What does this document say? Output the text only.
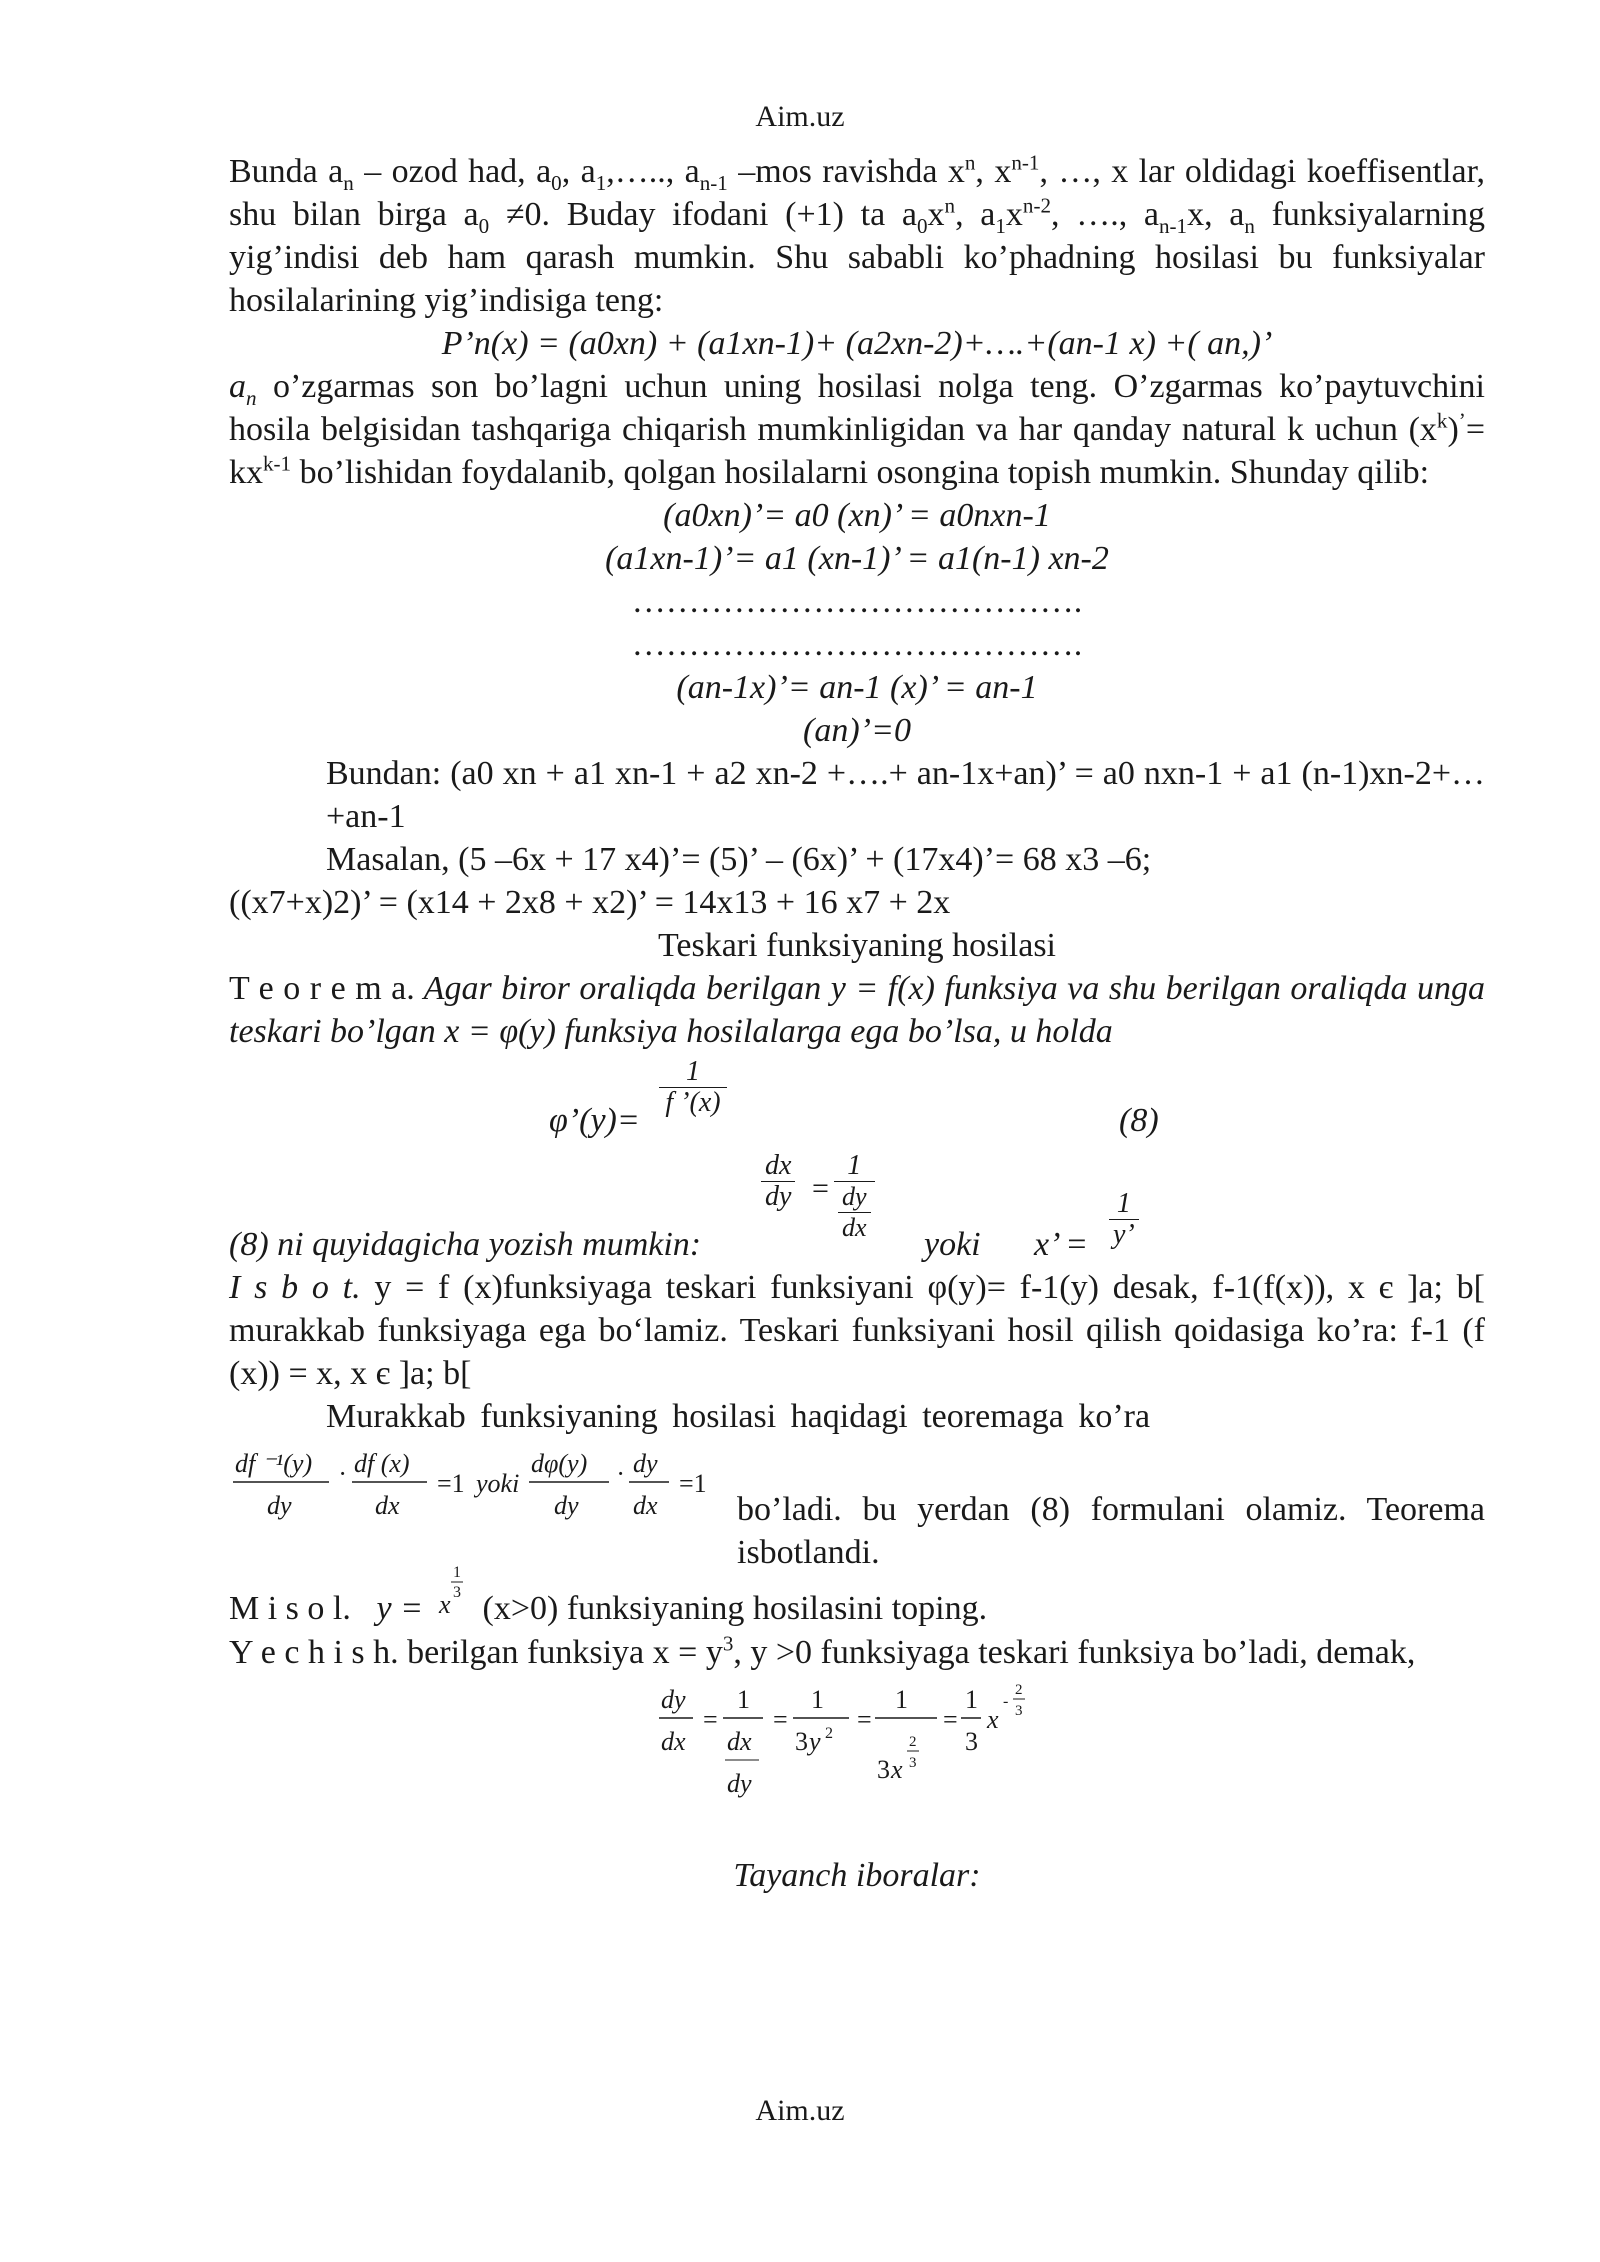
Aim.uz

Bunda $a_n$ – ozod had, $a_0$, $a_1,\dots$.., $a_{n-1}$ –mos ravishda $x^n$, $x^{n-1}$, …, x lar oldidagi koeffisentlar, shu bilan birga $a_0 \ne 0$. Buday ifodani (+1) ta $a_0x^n$, $a_1x^{n-2}$, …., $a_{n-1}x$, $a_n$ funksiyalarning yig’indisi deb ham qarash mumkin. Shu sababli ko’phadning hosilasi bu funksiyalar hosilalarining yig’indisiga teng:

P’n(x) = (a0xn) + (a1xn-1)+ (a2xn-2)+….+(an-1 x) +( an,)’

$a_n$ o’zgarmas son bo’lagni uchun uning hosilasi nolga teng. O’zgarmas ko’paytuvchini hosila belgisidan tashqariga chiqarish mumkinligidan va har qanday natural k uchun $(x^k)^’= kx^{k-1}$ bo’lishidan foydalanib, qolgan hosilalarni osongina topish mumkin. Shunday qilib:

(a0xn)’= a0 (xn)’ = a0nxn-1

(a1xn-1)’= a1 (xn-1)’ = a1(n-1) xn-2

………………………………….

………………………………….

(an-1x)’= an-1 (x)’ = an-1

(an)’=0

Bundan: (a0 xn + a1 xn-1 + a2 xn-2 +….+ an-1x+an)’ = a0 nxn-1 + a1 (n-1)xn-2+…+an-1

Masalan, (5 –6x + 17 x4)’= (5)’ – (6x)’ + (17x4)’= 68 x3 –6;

((x7+x)2)’ = (x14 + 2x8 + x2)’ = 14x13 + 16 x7 + 2x

Teskari funksiyaning hosilasi

T e o r e m a. Agar biror oraliqda berilgan y = f(x) funksiya va shu berilgan oraliqda unga teskari bo’lgan x = φ(y) funksiya hosilalarga ega bo’lsa, u holda

φ’(y)=
$\frac{1}{f ’(x)}$
(8)
$\frac{dx}{dy}$ =
1
$\frac{dy}{dx}$	$\frac{1}{y’}$
(8) ni quyidagicha yozish mumkin:	yoki x’ =

I s b o t. y = f (x)funksiyaga teskari funksiyani φ(y)= f-1(y) desak, f-1(f(x)), x є ]a; b[ murakkab funksiyaga ega bo‘lamiz. Teskari funksiyani hosil qilish qoidasiga ko’ra: f-1 (f (x)) = x, x є ]a; b[

Murakkab funksiyaning hosilasi haqidagi teoremaga ko’ra

df ⁻¹(y)
dy
· df (x)
dx
=1 yoki
dφ(y)
dy
· dy
dx
=1
bo’ladi. bu yerdan (8) formulani olamiz. Teorema isbotlandi.
M i s o l. y = x
1
3 (x>0) funksiyaning hosilasini toping.

Y e c h i s h. berilgan funksiya $x = y^3$, y >0 funksiyaga teskari funksiya bo’ladi, demak,

dy
dx
=
1
dx
dy
=
1
3 y 2 =
1
3 x
2
3
=
1
3
x
-
2
3

Tayanch iboralar:

Aim.uz
